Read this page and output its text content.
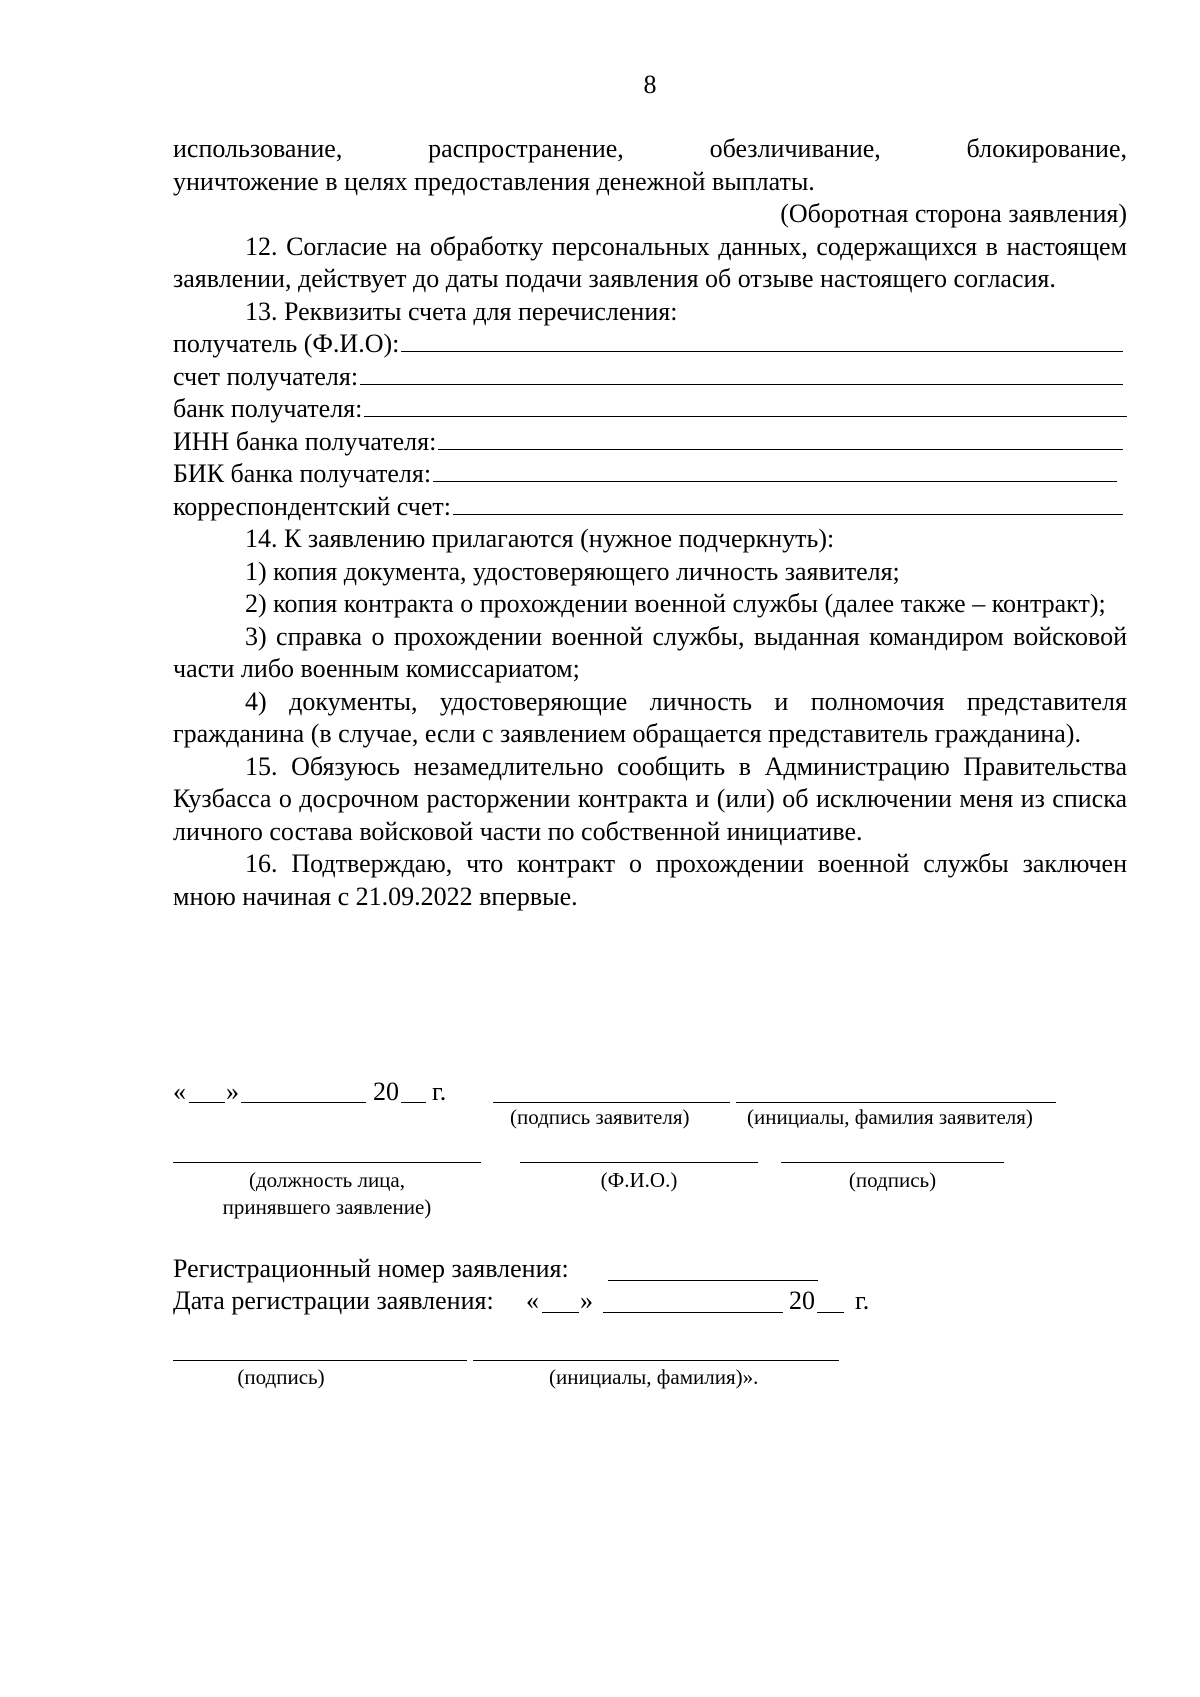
8

использование,	распространение,	обезличивание,	блокирование,

уничтожение в целях предоставления денежной выплаты.

(Оборотная сторона заявления)

12. Согласие на обработку персональных данных, содержащихся в настоящем заявлении, действует до даты подачи заявления об отзыве настоящего согласия.

13. Реквизиты счета для перечисления:

получатель (Ф.И.О):
счет получателя:
банк получателя:
ИНН банка получателя:
БИК банка получателя:
корреспондентский счет:

14. К заявлению прилагаются (нужное подчеркнуть):

1) копия документа, удостоверяющего личность заявителя;

2) копия контракта о прохождении военной службы (далее также – контракт);

3) справка о прохождении военной службы, выданная командиром войсковой части либо военным комиссариатом;

4) документы, удостоверяющие личность и полномочия представителя гражданина (в случае, если с заявлением обращается представитель гражданина).

15. Обязуюсь незамедлительно сообщить в Администрацию Правительства Кузбасса о досрочном расторжении контракта и (или) об исключении меня из списка личного состава войсковой части по собственной инициативе.

16. Подтверждаю, что контракт о прохождении военной службы заключен мною начиная с 21.09.2022 впервые.

« »	20 г.
(подпись заявителя)	(инициалы, фамилия заявителя)
(должность лица,
принявшего заявление)
(Ф.И.О.)	(подпись)
Регистрационный номер заявления:
Дата регистрации заявления: « »	20 г.
(подпись)	(инициалы, фамилия)».
